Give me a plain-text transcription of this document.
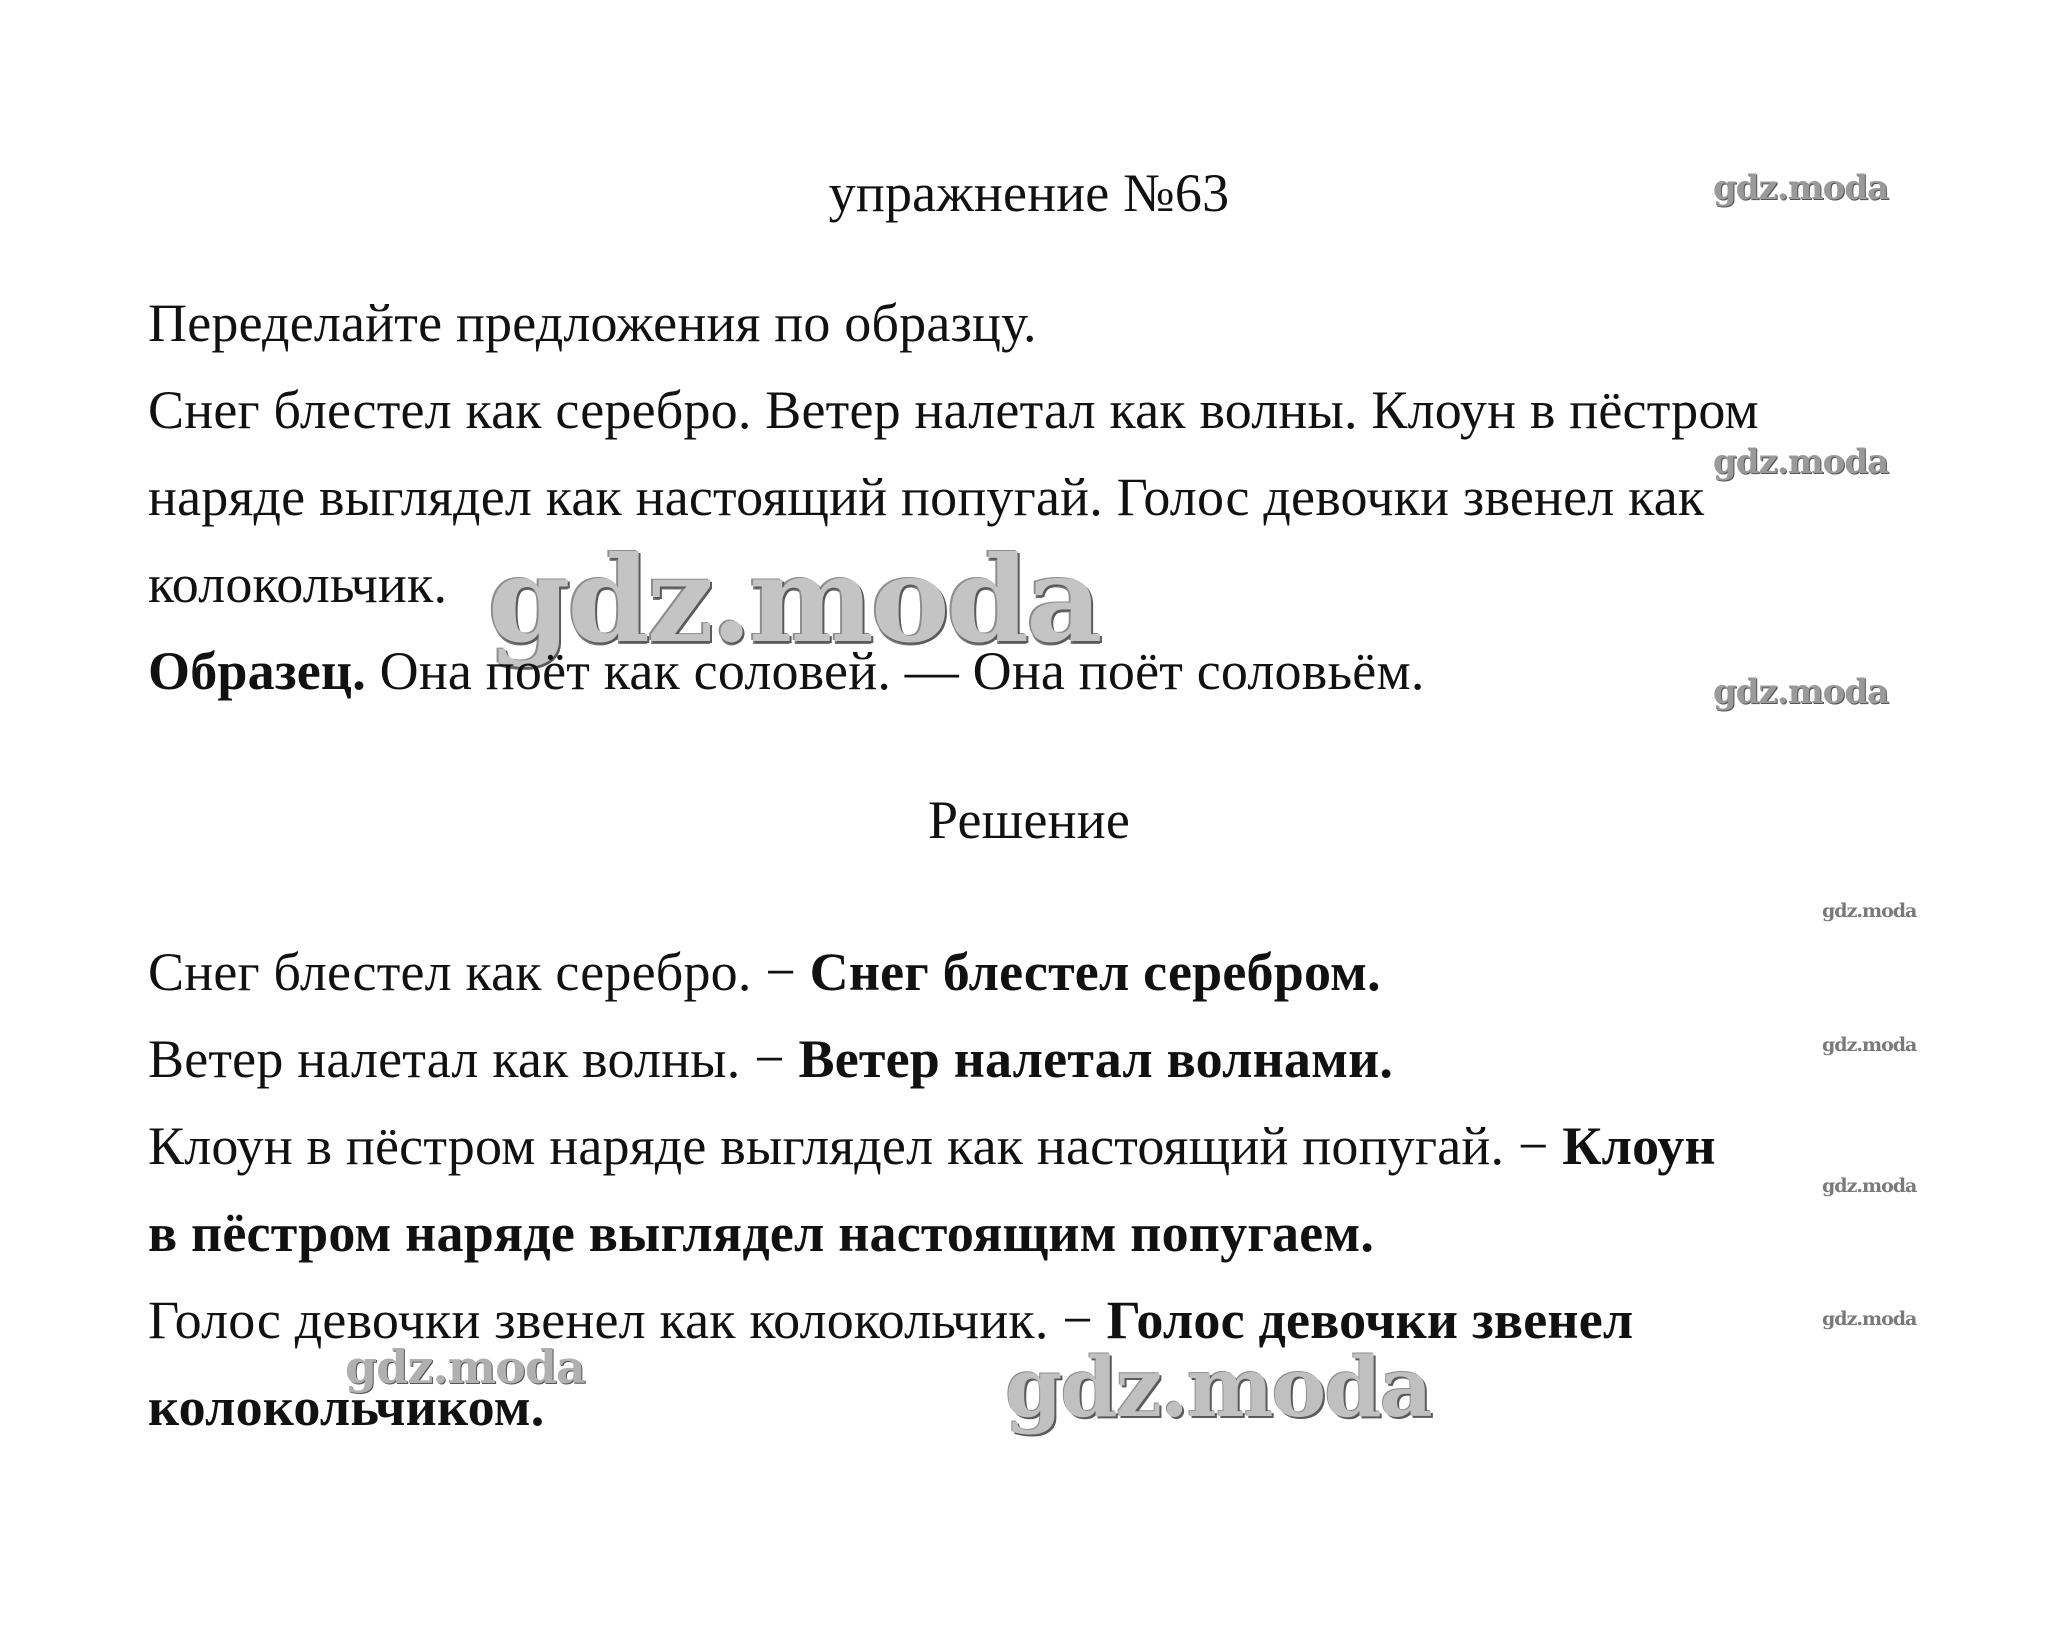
gdz.moda
gdz.moda
gdz.moda
gdz.moda
gdz.moda
gdz.moda
gdz.moda
gdz.moda
gdz.moda	gdz.moda
упражнение №63
Переделайте предложения по образцу.
Снег блестел как серебро. Ветер налетал как волны. Клоун в пёстром
наряде выглядел как настоящий попугай. Голос девочки звенел как
колокольчик.
Образец. Она поёт как соловей. — Она поёт соловьём.
Решение
Снег блестел как серебро. − Снег блестел серебром.
Ветер налетал как волны. − Ветер налетал волнами.
Клоун в пёстром наряде выглядел как настоящий попугай. − Клоун
в пёстром наряде выглядел настоящим попугаем.
Голос девочки звенел как колокольчик. − Голос девочки звенел
колокольчиком.
